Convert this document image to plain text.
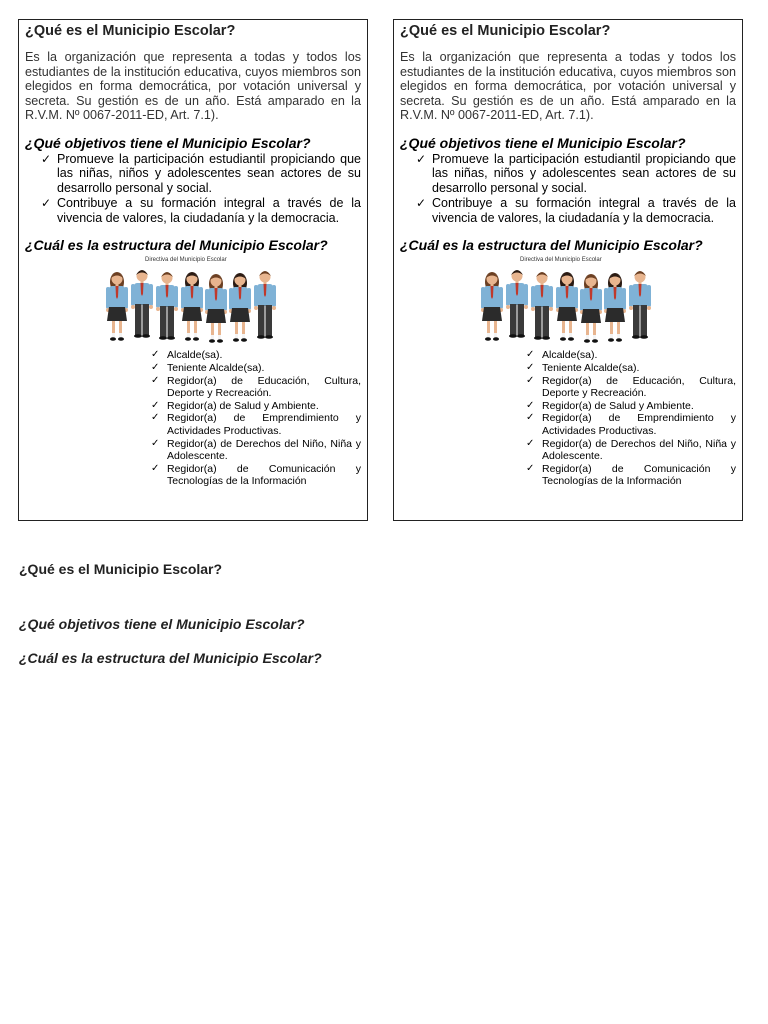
¿Qué es el Municipio Escolar?

Es la organización que representa a todas y todos los estudiantes de la institución educativa, cuyos miembros son elegidos en forma democrática, por votación universal y secreta. Su gestión es de un año. Está amparado en la R.V.M. Nº 0067-2011-ED, Art. 7.1).

¿Qué objetivos tiene el Municipio Escolar?

✓ Promueve la participación estudiantil propiciando que las niñas, niños y adolescentes sean actores de su desarrollo personal y social.
✓ Contribuye a su formación integral a través de la vivencia de valores, la ciudadanía y la democracia.

¿Cuál es la estructura del Municipio Escolar?

Directiva del Municipio Escolar
✓ Alcalde(sa).
✓ Teniente Alcalde(sa).
✓ Regidor(a) de Educación, Cultura, Deporte y Recreación.
✓ Regidor(a) de Salud y Ambiente.
✓ Regidor(a) de Emprendimiento y Actividades Productivas.
✓ Regidor(a) de Derechos del Niño, Niña y Adolescente.
✓ Regidor(a) de Comunicación y Tecnologías de la Información

¿Qué es el Municipio Escolar?

Es la organización que representa a todas y todos los estudiantes de la institución educativa, cuyos miembros son elegidos en forma democrática, por votación universal y secreta. Su gestión es de un año. Está amparado en la R.V.M. Nº 0067-2011-ED, Art. 7.1).

¿Qué objetivos tiene el Municipio Escolar?

✓ Promueve la participación estudiantil propiciando que las niñas, niños y adolescentes sean actores de su desarrollo personal y social.
✓ Contribuye a su formación integral a través de la vivencia de valores, la ciudadanía y la democracia.

¿Cuál es la estructura del Municipio Escolar?

Directiva del Municipio Escolar
✓ Alcalde(sa).
✓ Teniente Alcalde(sa).
✓ Regidor(a) de Educación, Cultura, Deporte y Recreación.
✓ Regidor(a) de Salud y Ambiente.
✓ Regidor(a) de Emprendimiento y Actividades Productivas.
✓ Regidor(a) de Derechos del Niño, Niña y Adolescente.
✓ Regidor(a) de Comunicación y Tecnologías de la Información

¿Qué es el Municipio Escolar?

¿Qué objetivos tiene el Municipio Escolar?

¿Cuál es la estructura del Municipio Escolar?
